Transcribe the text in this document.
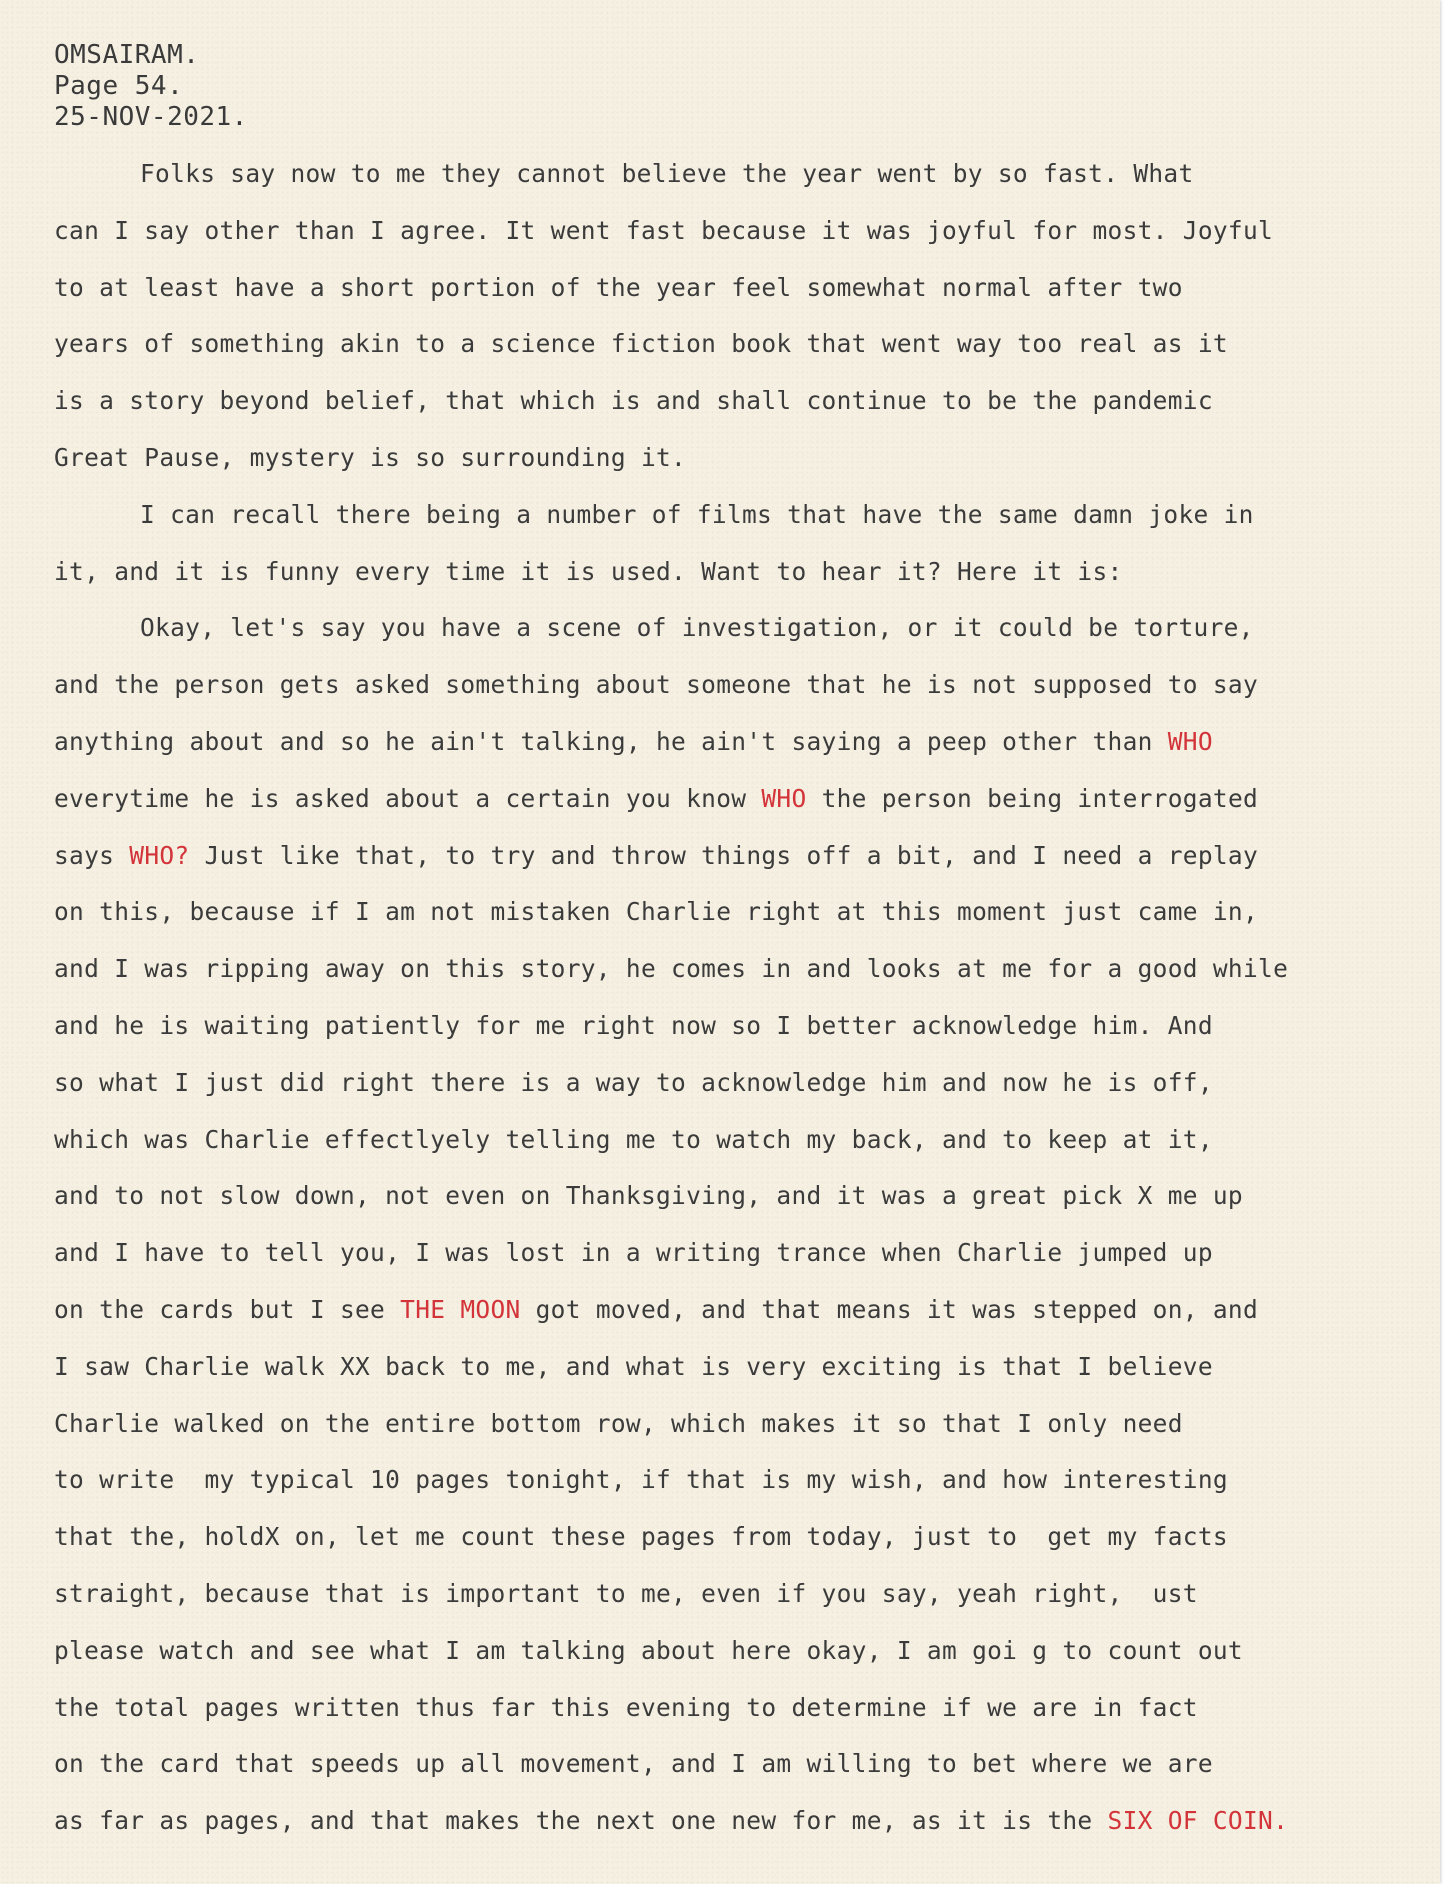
OMSAIRAM.
Page 54.
25-NOV-2021.
Folks say now to me they cannot believe the year went by so fast. What
can I say other than I agree. It went fast because it was joyful for most. Joyful
to at least have a short portion of the year feel somewhat normal after two
years of something akin to a science fiction book that went way too real as it
is a story beyond belief, that which is and shall continue to be the pandemic
Great Pause, mystery is so surrounding it.
I can recall there being a number of films that have the same damn joke in
it, and it is funny every time it is used. Want to hear it? Here it is:
Okay, let's say you have a scene of investigation, or it could be torture,
and the person gets asked something about someone that he is not supposed to say
anything about and so he ain't talking, he ain't saying a peep other than WHO
everytime he is asked about a certain you know WHO the person being interrogated
says WHO? Just like that, to try and throw things off a bit, and I need a replay
on this, because if I am not mistaken Charlie right at this moment just came in,
and I was ripping away on this story, he comes in and looks at me for a good while
and he is waiting patiently for me right now so I better acknowledge him. And
so what I just did right there is a way to acknowledge him and now he is off,
which was Charlie effectlyely telling me to watch my back, and to keep at it,
and to not slow down, not even on Thanksgiving, and it was a great pick X me up
and I have to tell you, I was lost in a writing trance when Charlie jumped up
on the cards but I see THE MOON got moved, and that means it was stepped on, and
I saw Charlie walk XX back to me, and what is very exciting is that I believe
Charlie walked on the entire bottom row, which makes it so that I only need
to write  my typical 10 pages tonight, if that is my wish, and how interesting
that the, holdX on, let me count these pages from today, just to  get my facts
straight, because that is important to me, even if you say, yeah right,  ust
please watch and see what I am talking about here okay, I am goi g to count out
the total pages written thus far this evening to determine if we are in fact
on the card that speeds up all movement, and I am willing to bet where we are
as far as pages, and that makes the next one new for me, as it is the SIX OF COIN.
